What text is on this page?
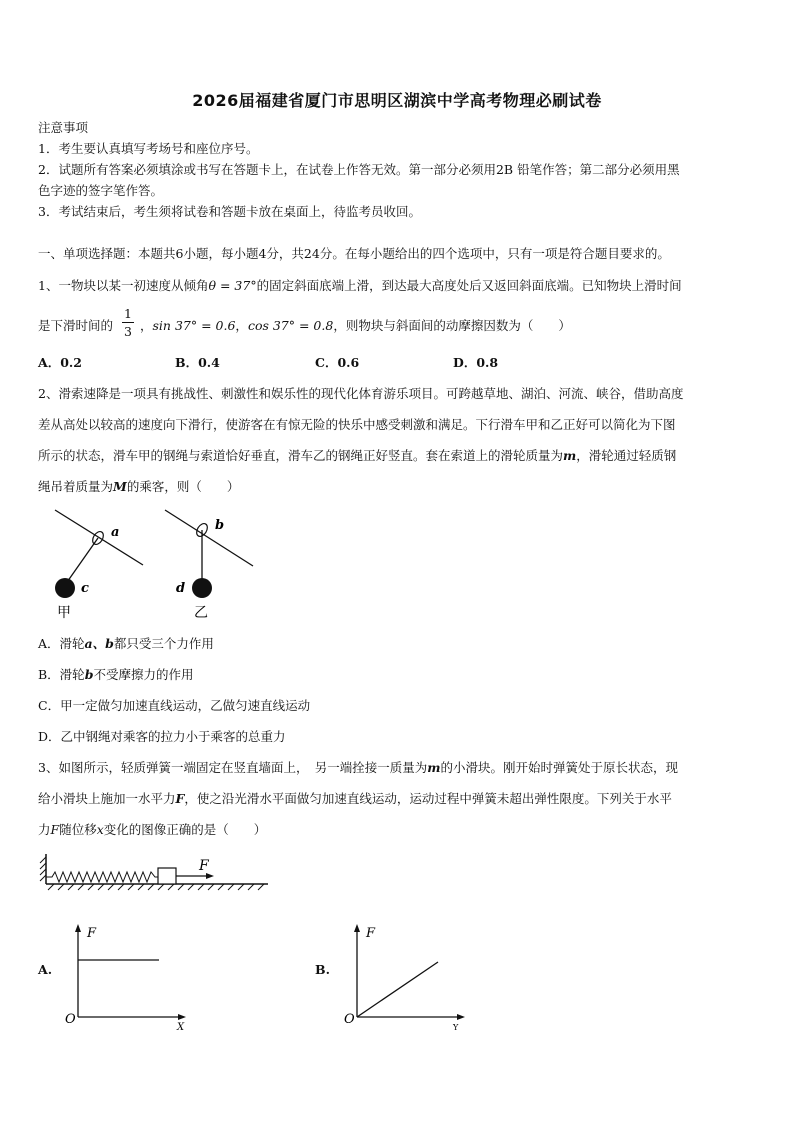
2026届福建省厦门市思明区湖滨中学高考物理必刷试卷
注意事项
1．考生要认真填写考场号和座位序号。
2．试题所有答案必须填涂或书写在答题卡上，在试卷上作答无效。第一部分必须用2B 铅笔作答；第二部分必须用黑
色字迹的签字笔作答。
3．考试结束后，考生须将试卷和答题卡放在桌面上，待监考员收回。
一、单项选择题：本题共6小题，每小题4分，共24分。在每小题给出的四个选项中，只有一项是符合题目要求的。
1、一物块以某一初速度从倾角θ = 37°的固定斜面底端上滑，到达最大高度处后又返回斜面底端。已知物块上滑时间
是下滑时间的
1
3 ，sin 37° = 0.6，cos 37° = 0.8，则物块与斜面间的动摩擦因数为（　　）
A．0.2	B．0.4	C．0.6	D．0.8
2、滑索速降是一项具有挑战性、刺激性和娱乐性的现代化体育游乐项目。可跨越草地、湖泊、河流、峡谷，借助高度
差从高处以较高的速度向下滑行，使游客在有惊无险的快乐中感受刺激和满足。下行滑车甲和乙正好可以简化为下图
所示的状态，滑车甲的钢绳与索道恰好垂直，滑车乙的钢绳正好竖直。套在索道上的滑轮质量为m，滑轮通过轻质钢
绳吊着质量为M的乘客，则（　　）
a
c
甲
b
d
乙
A．滑轮a、b都只受三个力作用
B．滑轮b不受摩擦力的作用
C．甲一定做匀加速直线运动，乙做匀速直线运动
D．乙中钢绳对乘客的拉力小于乘客的总重力
3、如图所示，轻质弹簧一端固定在竖直墙面上，　另一端拴接一质量为m的小滑块。刚开始时弹簧处于原长状态，现
给小滑块上施加一水平力F，使之沿光滑水平面做匀加速直线运动，运动过程中弹簧未超出弹性限度。下列关于水平
力F随位移x变化的图像正确的是（　　）
F
A.
F
O
X
B.
F
O
Y
